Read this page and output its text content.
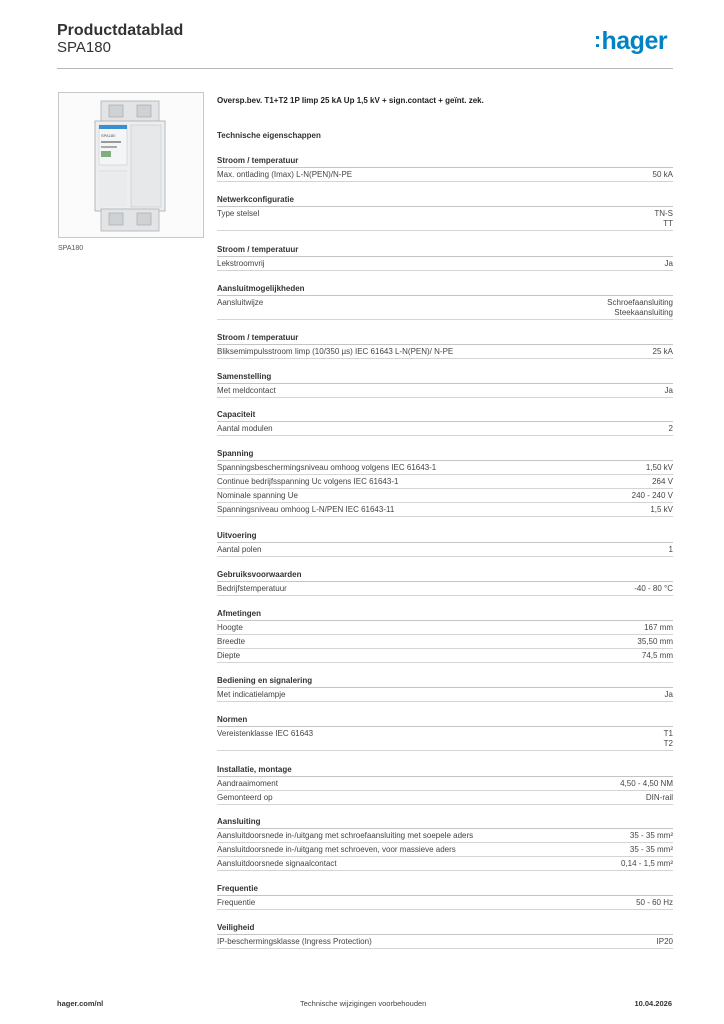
Productdatablad
SPA180	:hager
SPA180
SPA180
Oversp.bev. T1+T2 1P Iimp 25 kA Up 1,5 kV + sign.contact + geïnt. zek.
Technische eigenschappen
Stroom / temperatuur
Max. ontlading (Imax) L-N(PEN)/N-PE	50 kA
Netwerkconfiguratie
Type stelsel	TN-S
TT
Stroom / temperatuur
Lekstroomvrij	Ja
Aansluitmogelijkheden
Aansluitwijze	Schroefaansluiting
Steekaansluiting
Stroom / temperatuur
Bliksemimpulsstroom Iimp (10/350 µs) IEC 61643 L-N(PEN)/ N-PE	25 kA
Samenstelling
Met meldcontact	Ja
Capaciteit
Aantal modulen	2
Spanning
Spanningsbeschermingsniveau omhoog volgens IEC 61643-1	1,50 kV
Continue bedrijfsspanning Uc volgens IEC 61643-1	264 V
Nominale spanning Ue	240 - 240 V
Spanningsniveau omhoog L-N/PEN IEC 61643-11	1,5 kV
Uitvoering
Aantal polen	1
Gebruiksvoorwaarden
Bedrijfstemperatuur	-40 - 80 °C
Afmetingen
Hoogte	167 mm
Breedte	35,50 mm
Diepte	74,5 mm
Bediening en signalering
Met indicatielampje	Ja
Normen
Vereistenklasse IEC 61643	T1
T2
Installatie, montage
Aandraaimoment	4,50 - 4,50 NM
Gemonteerd op	DIN-rail
Aansluiting
Aansluitdoorsnede in-/uitgang met schroefaansluiting met soepele aders	35 - 35 mm²
Aansluitdoorsnede in-/uitgang met schroeven, voor massieve aders	35 - 35 mm²
Aansluitdoorsnede signaalcontact	0,14 - 1,5 mm²
Frequentie
Frequentie	50 - 60 Hz
Veiligheid
IP-beschermingsklasse (Ingress Protection)	IP20
hager.com/nl	Technische wijzigingen voorbehouden	10.04.2026
